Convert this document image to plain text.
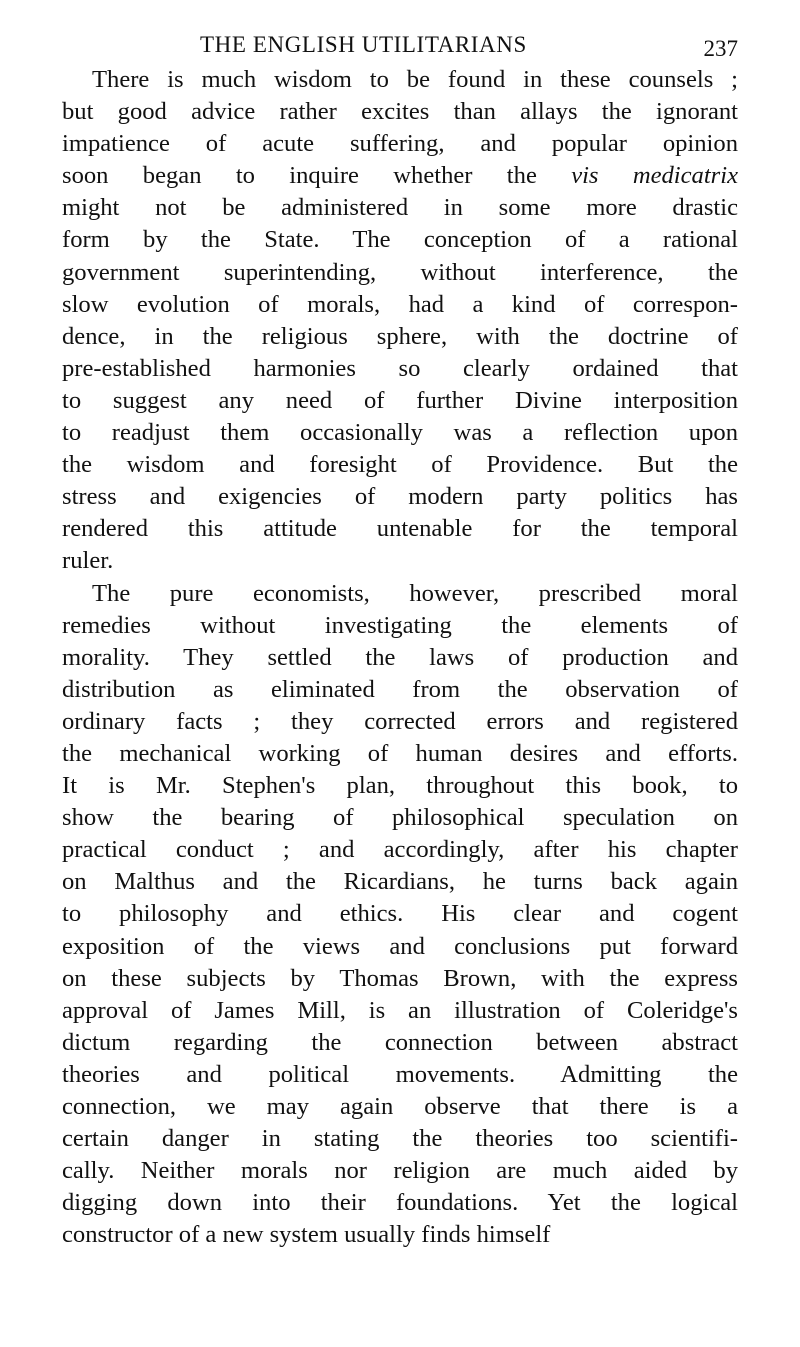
THE ENGLISH UTILITARIANS	237
There is much wisdom to be found in these counsels ;
but good advice rather excites than allays the ignorant
impatience of acute suffering, and popular opinion
soon began to inquire whether the vis medicatrix
might not be administered in some more drastic
form by the State. The conception of a rational
government superintending, without interference, the
slow evolution of morals, had a kind of correspon-
dence, in the religious sphere, with the doctrine of
pre-established harmonies so clearly ordained that
to suggest any need of further Divine interposition
to readjust them occasionally was a reflection upon
the wisdom and foresight of Providence. But the
stress and exigencies of modern party politics has
rendered this attitude untenable for the temporal
ruler.
The pure economists, however, prescribed moral
remedies without investigating the elements of
morality. They settled the laws of production and
distribution as eliminated from the observation of
ordinary facts ; they corrected errors and registered
the mechanical working of human desires and efforts.
It is Mr. Stephen's plan, throughout this book, to
show the bearing of philosophical speculation on
practical conduct ; and accordingly, after his chapter
on Malthus and the Ricardians, he turns back again
to philosophy and ethics. His clear and cogent
exposition of the views and conclusions put forward
on these subjects by Thomas Brown, with the express
approval of James Mill, is an illustration of Coleridge's
dictum regarding the connection between abstract
theories and political movements. Admitting the
connection, we may again observe that there is a
certain danger in stating the theories too scientifi-
cally. Neither morals nor religion are much aided by
digging down into their foundations. Yet the logical
constructor of a new system usually finds himself
